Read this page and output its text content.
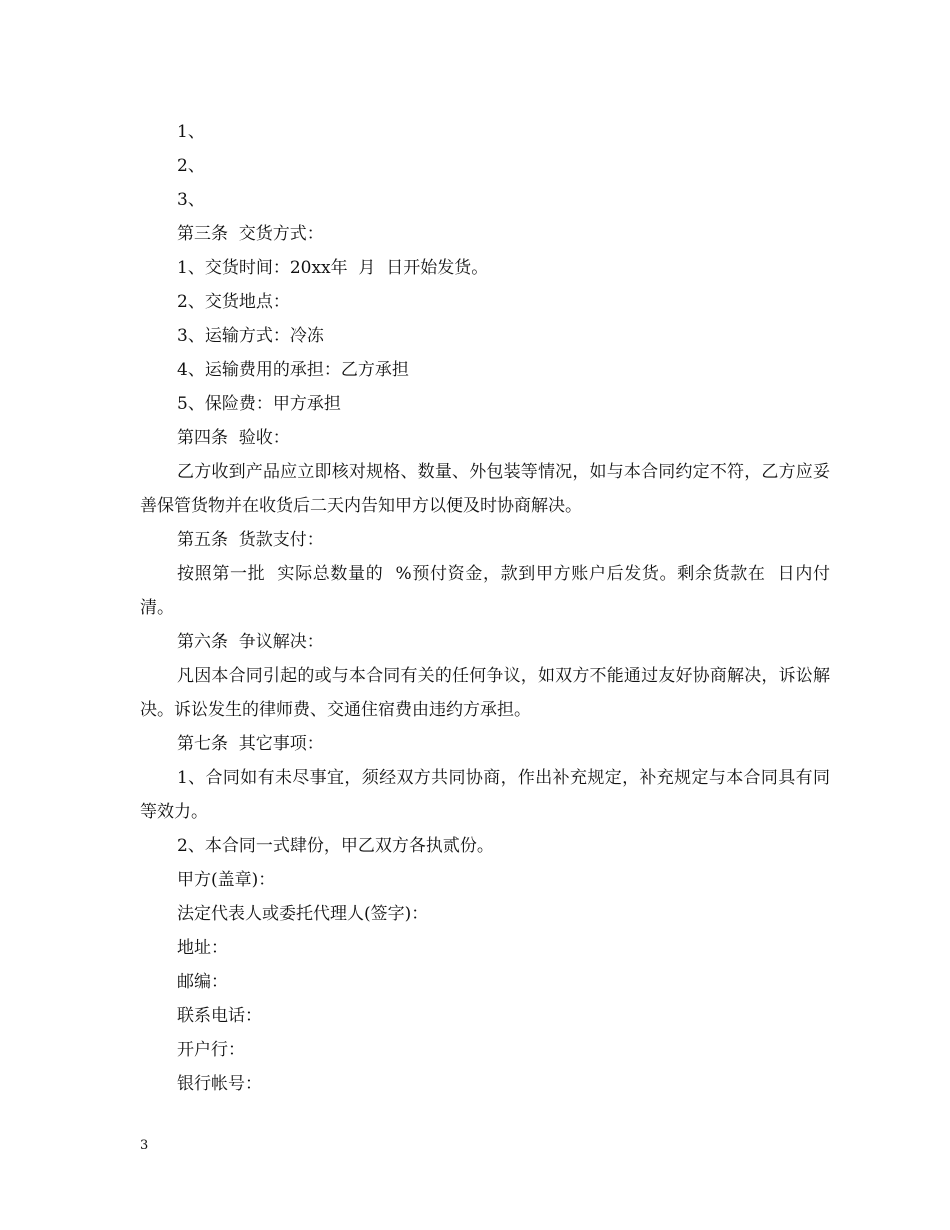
1、

2、

3、

第三条  交货方式：

1、交货时间：20xx年  月  日开始发货。

2、交货地点：

3、运输方式：冷冻

4、运输费用的承担：乙方承担

5、保险费：甲方承担

第四条  验收：

乙方收到产品应立即核对规格、数量、外包装等情况，如与本合同约定不符，乙方应妥善保管货物并在收货后二天内告知甲方以便及时协商解决。

第五条  货款支付：

按照第一批  实际总数量的  %预付资金，款到甲方账户后发货。剩余货款在  日内付清。

第六条  争议解决：

凡因本合同引起的或与本合同有关的任何争议，如双方不能通过友好协商解决，诉讼解决。诉讼发生的律师费、交通住宿费由违约方承担。

第七条  其它事项：

1、合同如有未尽事宜，须经双方共同协商，作出补充规定，补充规定与本合同具有同等效力。

2、本合同一式肆份，甲乙双方各执贰份。

甲方(盖章)：

法定代表人或委托代理人(签字)：

地址：

邮编：

联系电话：

开户行：

银行帐号：

3
